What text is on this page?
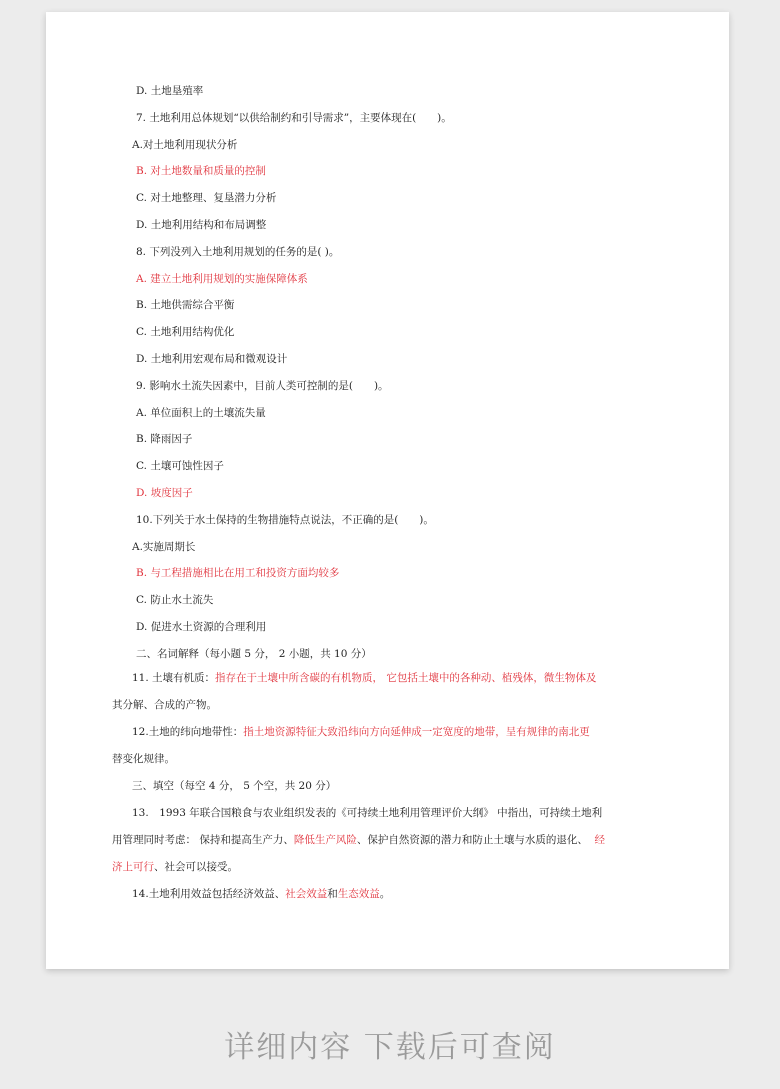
11. 土壤有机质：指存在于土壤中所含碳的有机物质， 它包括土壤中的各种动、植残体，微生物体及
其分解、合成的产物。
12.土地的纬向地带性：指土地资源特征大致沿纬向方向延伸成一定宽度的地带，呈有规律的南北更
替变化规律。
三、填空（每空 4 分， 5 个空，共 20 分）
13.　1993 年联合国粮食与农业组织发表的《可持续土地利用管理评价大纲》 中指出，可持续土地利
用管理同时考虑： 保持和提高生产力、降低生产风险、保护自然资源的潜力和防止土壤与水质的退化、 经
济上可行、社会可以接受。
14.土地利用效益包括经济效益、社会效益和生态效益。
D. 土地垦殖率
7. 土地利用总体规划“以供给制约和引导需求”，主要体现在(　　)。
A.对土地利用现状分析
B. 对土地数量和质量的控制
C. 对土地整理、复垦潜力分析
D. 土地利用结构和布局调整
8. 下列没列入土地利用规划的任务的是( )。
A. 建立土地利用规划的实施保障体系
B. 土地供需综合平衡
C. 土地利用结构优化
D. 土地利用宏观布局和微观设计
9. 影响水土流失因素中，目前人类可控制的是(　　)。
A. 单位面积上的土壤流失量
B. 降雨因子
C. 土壤可蚀性因子
D. 坡度因子
10.下列关于水土保持的生物措施特点说法，不正确的是(　　)。
A.实施周期长
B. 与工程措施相比在用工和投资方面均较多
C. 防止水土流失
D. 促进水土资源的合理利用
二、名词解释（每小题 5 分， 2 小题，共 10 分）
详细内容 下载后可查阅
